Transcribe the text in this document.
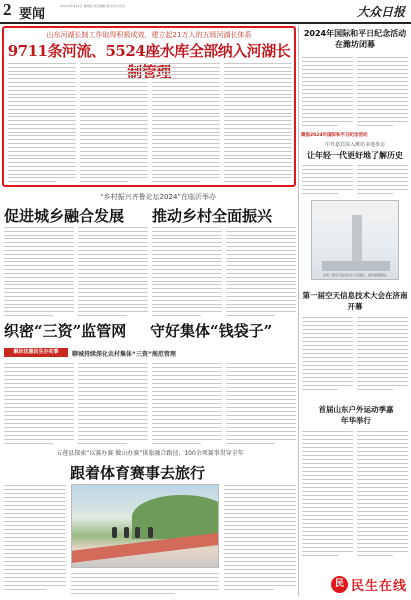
2 要闻
2024年8月22日 星期四 责任编辑 版式设计 校对	大众日报
山东河湖长制工作取得积极成效，建立起21万人的五级河湖长体系
9711条河流、5524座水库全部纳入河湖长制管理
“乡村振兴齐鲁论坛2024”在临沂举办
促进城乡融合发展 推动乡村全面振兴
织密“三资”监管网 守好集体“钱袋子”
聊城持续深化农村集体“三资”规范管理
解民忧惠民生办实事
五莲县探索“以赛办赛 做山办赛”体旅融合路径，100余项赛事贯穿全年
跟着体育赛事去旅行
2024年国际和平日纪念活动在潍坊闭幕
聚焦2024年国际和平日纪念活动
中外嘉宾深入潍坊多地参访
让年轻一代更好地了解历史
在第一届空天信息技术大会展区，观众参观展品。
第一届空天信息技术大会在济南开幕
首届山东户外运动季嘉年华举行
民 民生在线
